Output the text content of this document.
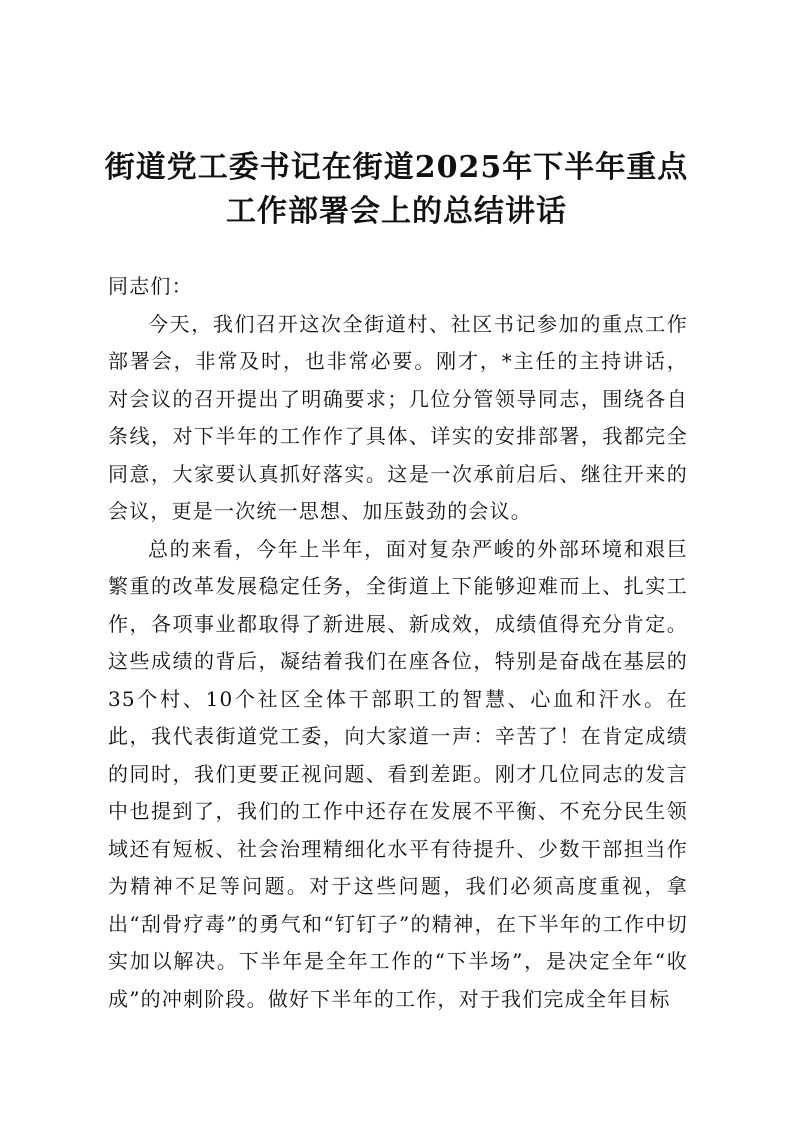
街道党工委书记在街道2025年下半年重点工作部署会上的总结讲话

同志们：

今天，我们召开这次全街道村、社区书记参加的重点工作部署会，非常及时，也非常必要。刚才，*主任的主持讲话，对会议的召开提出了明确要求；几位分管领导同志，围绕各自条线，对下半年的工作作了具体、详实的安排部署，我都完全同意，大家要认真抓好落实。这是一次承前启后、继往开来的会议，更是一次统一思想、加压鼓劲的会议。

总的来看，今年上半年，面对复杂严峻的外部环境和艰巨繁重的改革发展稳定任务，全街道上下能够迎难而上、扎实工作，各项事业都取得了新进展、新成效，成绩值得充分肯定。这些成绩的背后，凝结着我们在座各位，特别是奋战在基层的35个村、10个社区全体干部职工的智慧、心血和汗水。在此，我代表街道党工委，向大家道一声：辛苦了！在肯定成绩的同时，我们更要正视问题、看到差距。刚才几位同志的发言中也提到了，我们的工作中还存在发展不平衡、不充分民生领域还有短板、社会治理精细化水平有待提升、少数干部担当作为精神不足等问题。对于这些问题，我们必须高度重视，拿出“刮骨疗毒”的勇气和“钉钉子”的精神，在下半年的工作中切实加以解决。下半年是全年工作的“下半场”，是决定全年“收成”的冲刺阶段。做好下半年的工作，对于我们完成全年目标
